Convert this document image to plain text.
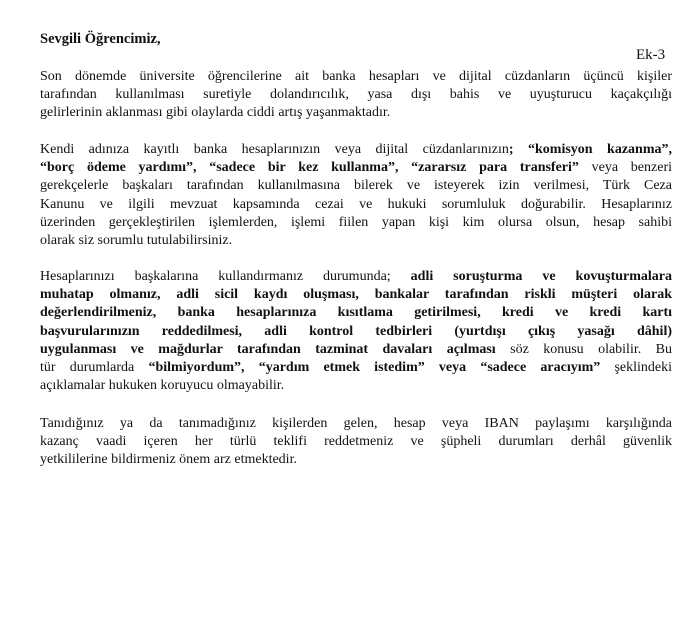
Sevgili Öğrencimiz,
Ek-3
Son dönemde üniversite öğrencilerine ait banka hesapları ve dijital cüzdanların üçüncü kişiler
tarafından kullanılması suretiyle dolandırıcılık, yasa dışı bahis ve uyuşturucu kaçakçılığı
gelirlerinin aklanması gibi olaylarda ciddi artış yaşanmaktadır.
Kendi adınıza kayıtlı banka hesaplarınızın veya dijital cüzdanlarınızın; “komisyon kazanma”,
“borç ödeme yardımı”, “sadece bir kez kullanma”, “zararsız para transferi” veya benzeri
gerekçelerle başkaları tarafından kullanılmasına bilerek ve isteyerek izin verilmesi, Türk Ceza
Kanunu ve ilgili mevzuat kapsamında cezai ve hukuki sorumluluk doğurabilir. Hesaplarınız
üzerinden gerçekleştirilen işlemlerden, işlemi fiilen yapan kişi kim olursa olsun, hesap sahibi
olarak siz sorumlu tutulabilirsiniz.
Hesaplarınızı başkalarına kullandırmanız durumunda; adli soruşturma ve kovuşturmalara
muhatap olmanız, adli sicil kaydı oluşması, bankalar tarafından riskli müşteri olarak
değerlendirilmeniz, banka hesaplarınıza kısıtlama getirilmesi, kredi ve kredi kartı
başvurularınızın reddedilmesi, adli kontrol tedbirleri (yurtdışı çıkış yasağı dâhil)
uygulanması ve mağdurlar tarafından tazminat davaları açılması söz konusu olabilir. Bu
tür durumlarda “bilmiyordum”, “yardım etmek istedim” veya “sadece aracıyım” şeklindeki
açıklamalar hukuken koruyucu olmayabilir.
Tanıdığınız ya da tanımadığınız kişilerden gelen, hesap veya IBAN paylaşımı karşılığında
kazanç vaadi içeren her türlü teklifi reddetmeniz ve şüpheli durumları derhâl güvenlik
yetkililerine bildirmeniz önem arz etmektedir.
